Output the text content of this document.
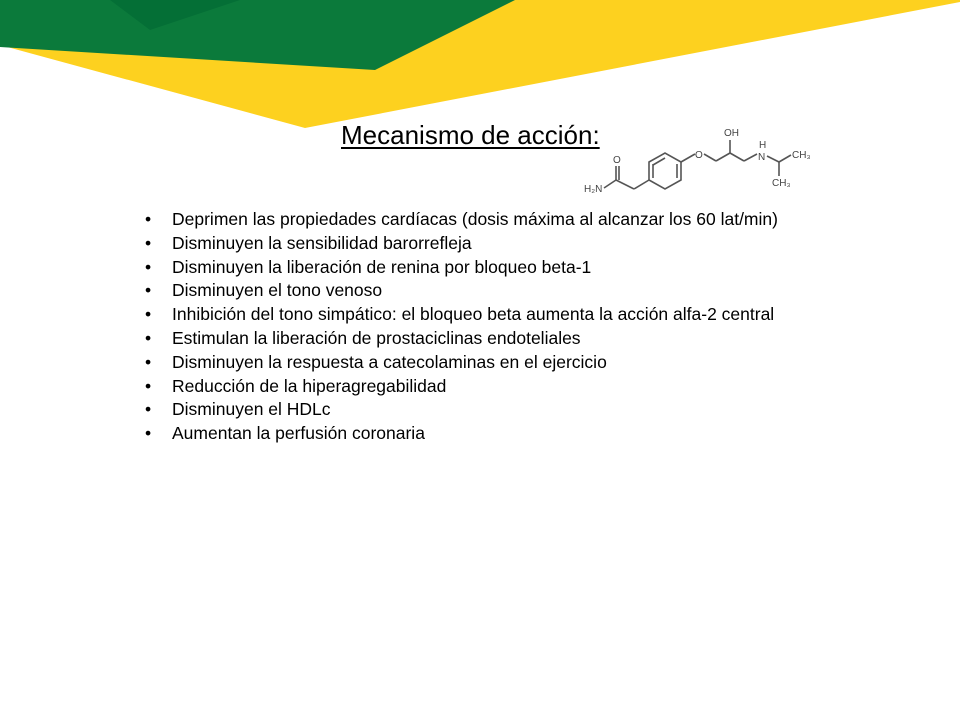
Mecanismo de acción:
H₂N
O	O
OH
H
N	CH₃
CH₃
• Deprimen las propiedades cardíacas (dosis máxima al alcanzar los 60 lat/min)
• Disminuyen la sensibilidad barorrefleja
• Disminuyen la liberación de renina por bloqueo beta-1
• Disminuyen el tono venoso
• Inhibición del tono simpático: el bloqueo beta aumenta la acción alfa-2 central
• Estimulan la liberación de prostaciclinas endoteliales
• Disminuyen la respuesta a catecolaminas en el ejercicio
• Reducción de la hiperagregabilidad
• Disminuyen el HDLc
• Aumentan la perfusión coronaria
